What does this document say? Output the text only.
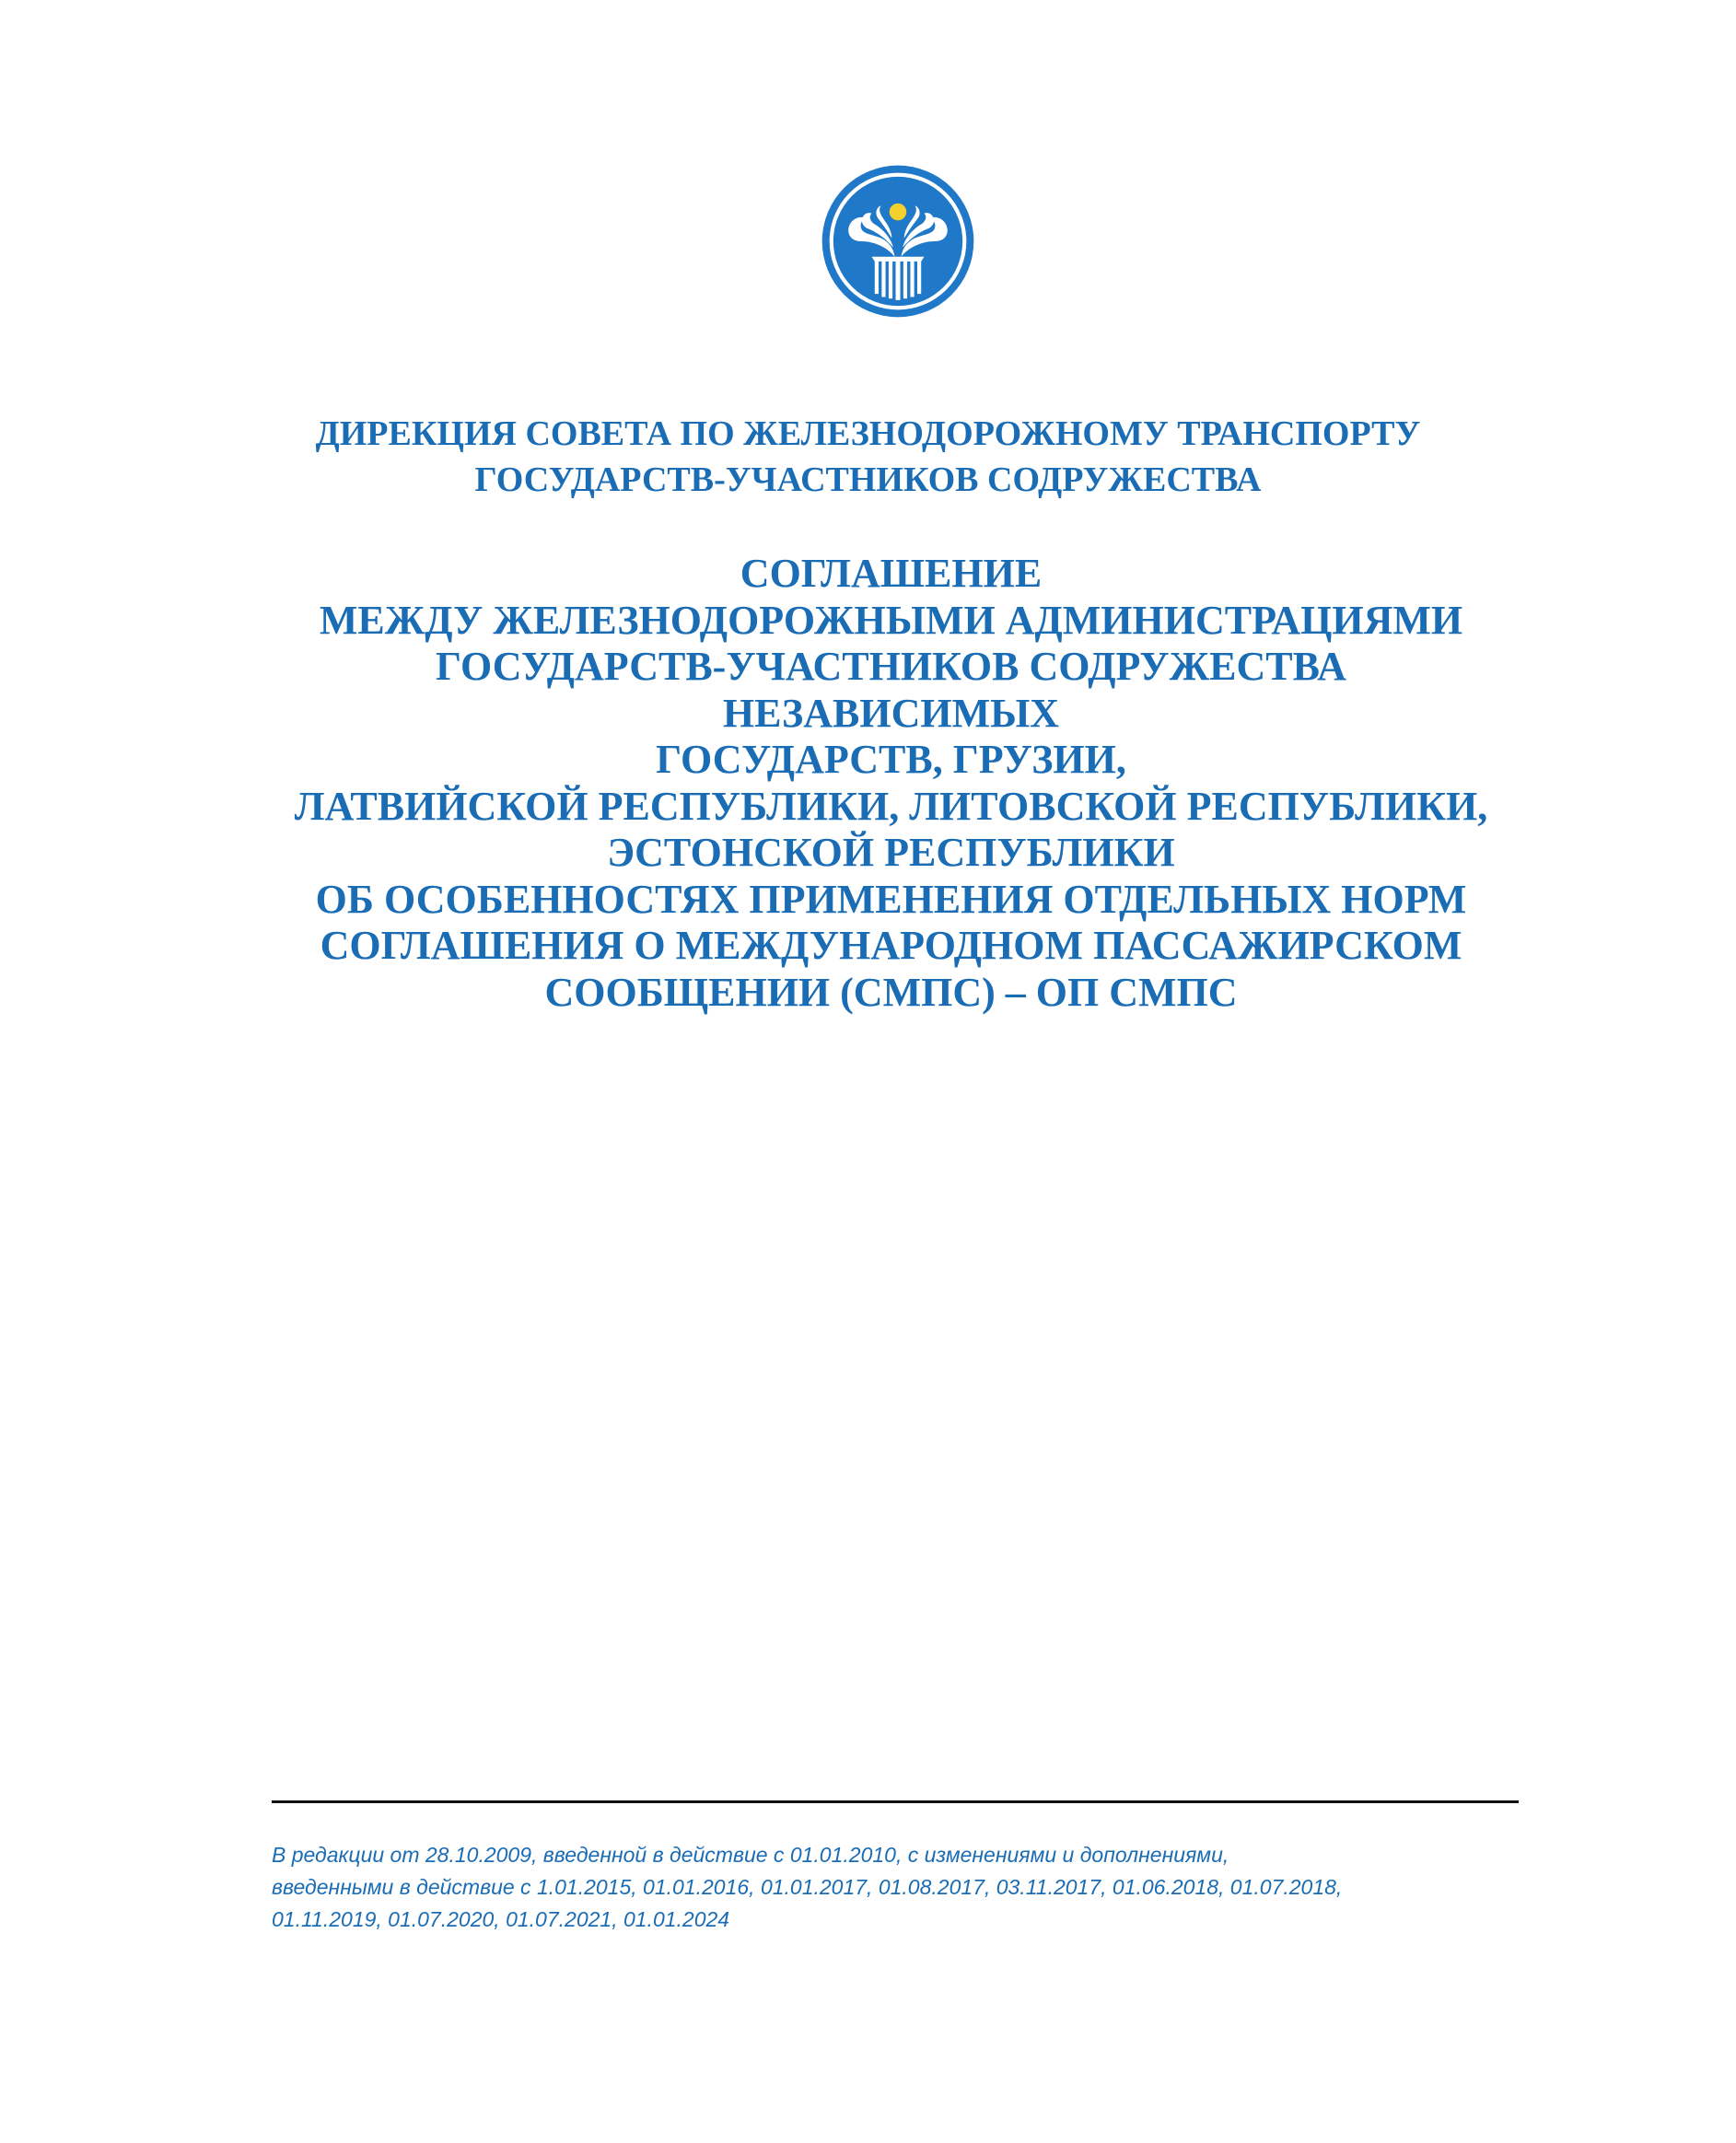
ДИРЕКЦИЯ СОВЕТА ПО ЖЕЛЕЗНОДОРОЖНОМУ ТРАНСПОРТУ
ГОСУДАРСТВ-УЧАСТНИКОВ СОДРУЖЕСТВА
СОГЛАШЕНИЕ
МЕЖДУ ЖЕЛЕЗНОДОРОЖНЫМИ АДМИНИСТРАЦИЯМИ
ГОСУДАРСТВ-УЧАСТНИКОВ СОДРУЖЕСТВА
НЕЗАВИСИМЫХ
ГОСУДАРСТВ, ГРУЗИИ,
ЛАТВИЙСКОЙ РЕСПУБЛИКИ, ЛИТОВСКОЙ РЕСПУБЛИКИ,
ЭСТОНСКОЙ РЕСПУБЛИКИ
ОБ ОСОБЕННОСТЯХ ПРИМЕНЕНИЯ ОТДЕЛЬНЫХ НОРМ
СОГЛАШЕНИЯ О МЕЖДУНАРОДНОМ ПАССАЖИРСКОМ
СООБЩЕНИИ (СМПС) – ОП СМПС
В редакции от 28.10.2009, введенной в действие с 01.01.2010, с изменениями и дополнениями,
введенными в действие с 1.01.2015, 01.01.2016, 01.01.2017, 01.08.2017, 03.11.2017, 01.06.2018, 01.07.2018,
01.11.2019, 01.07.2020, 01.07.2021, 01.01.2024
